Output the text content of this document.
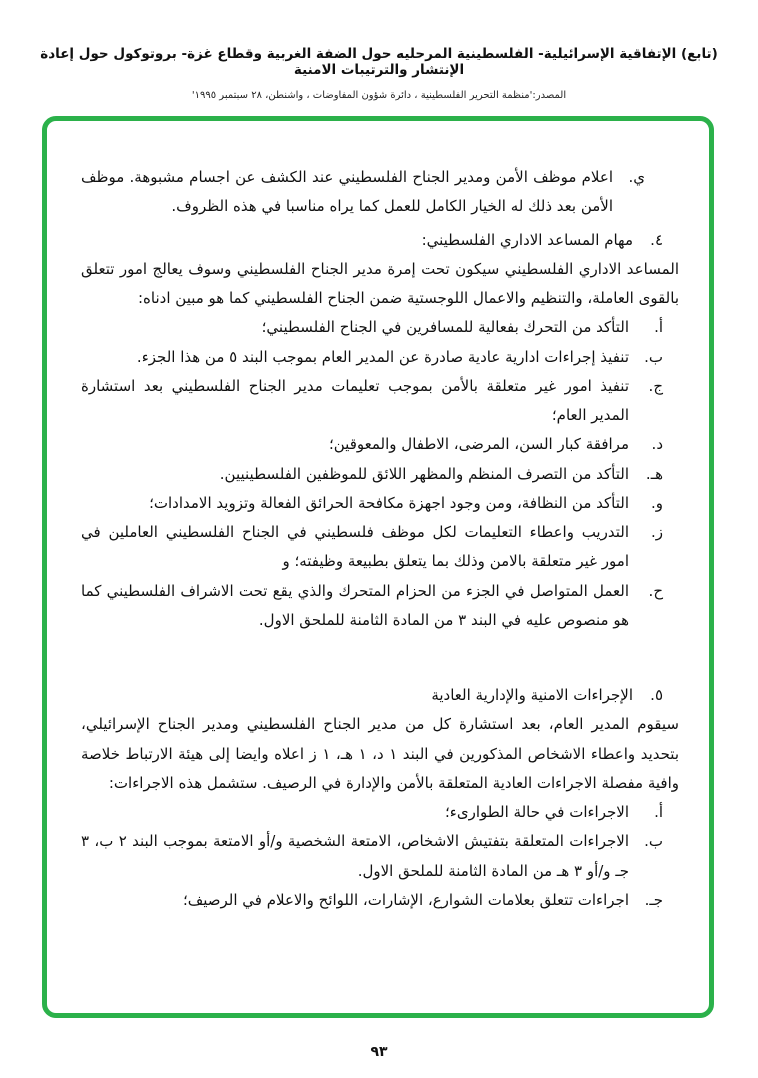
(تابع) الإتفاقية الإسرائيلية- الفلسطينية المرحليه حول الضفة الغربية وقطاع غزة- بروتوكول حول إعادة الإنتشار والترتيبات الامنية
المصدر:'منظمة التحرير الفلسطينية ، دائرة شؤون المفاوضات ، واشنطن، ٢٨ سبتمبر ١٩٩٥'
ي.
اعلام موظف الأمن ومدير الجناح الفلسطيني عند الكشف عن اجسام مشبوهة. موظف الأمن بعد ذلك له الخيار الكامل للعمل كما يراه مناسبا في هذه الظروف.
٤.
مهام المساعد الاداري الفلسطيني:

المساعد الاداري الفلسطيني سيكون تحت إمرة مدير الجناح الفلسطيني وسوف يعالج امور تتعلق بالقوى العاملة، والتنظيم والاعمال اللوجستية ضمن الجناح الفلسطيني كما هو مبين ادناه:

أ.
التأكد من التحرك بفعالية للمسافرين في الجناح الفلسطيني؛
ب.
تنفيذ إجراءات ادارية عادية صادرة عن المدير العام بموجب البند ٥ من هذا الجزء.
ج.
تنفيذ امور غير متعلقة بالأمن بموجب تعليمات مدير الجناح الفلسطيني بعد استشارة المدير العام؛
د.
مرافقة كبار السن، المرضى، الاطفال والمعوقين؛
هـ.
التأكد من التصرف المنظم والمظهر اللائق للموظفين الفلسطينيين.
و.
التأكد من النظافة، ومن وجود اجهزة مكافحة الحرائق الفعالة وتزويد الامدادات؛
ز.
التدريب واعطاء التعليمات لكل موظف فلسطيني في الجناح الفلسطيني العاملين في امور غير متعلقة بالامن وذلك بما يتعلق بطبيعة وظيفته؛ و
ح.
العمل المتواصل في الجزء من الحزام المتحرك والذي يقع تحت الاشراف الفلسطيني كما هو منصوص عليه في البند ٣ من المادة الثامنة للملحق الاول.
٥.
الإجراءات الامنية والإدارية العادية

سيقوم المدير العام، بعد استشارة كل من مدير الجناح الفلسطيني ومدير الجناح الإسرائيلي، بتحديد واعطاء الاشخاص المذكورين في البند ١ د، ١ هـ، ١ ز اعلاه وايضا إلى هيئة الارتباط خلاصة وافية مفصلة الاجراءات العادية المتعلقة بالأمن والإدارة في الرصيف. ستشمل هذه الاجراءات:

أ.
الاجراءات في حالة الطوارىء؛
ب.
الاجراءات المتعلقة بتفتيش الاشخاص، الامتعة الشخصية و/أو الامتعة بموجب البند ٢ ب، ٣ جـ و/أو ٣ هـ من المادة الثامنة للملحق الاول.
جـ.
اجراءات تتعلق بعلامات الشوارع، الإشارات، اللوائح والاعلام في الرصيف؛
٩٣
